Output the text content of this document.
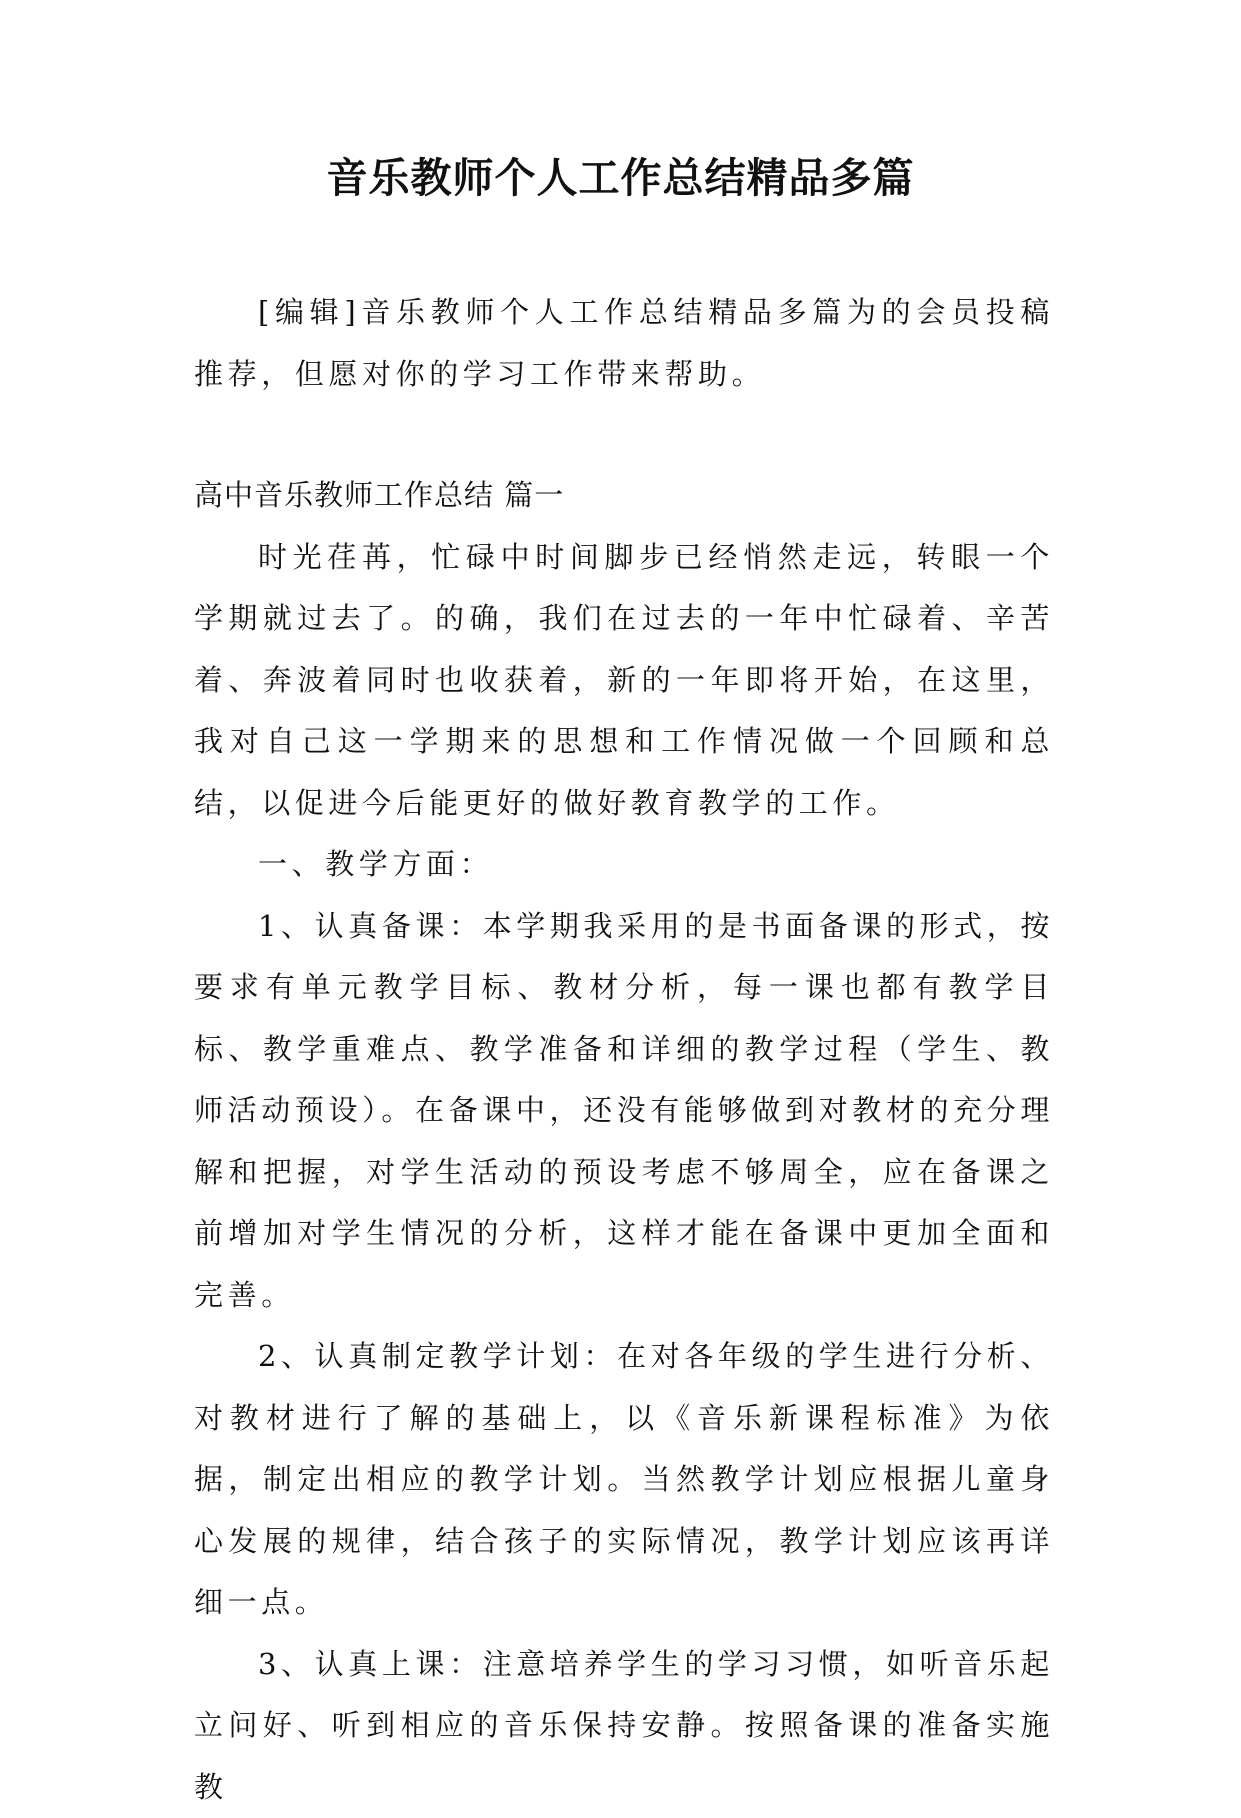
音乐教师个人工作总结精品多篇

[编辑]音乐教师个人工作总结精品多篇为的会员投稿推荐，但愿对你的学习工作带来帮助。

高中音乐教师工作总结 篇一

时光荏苒，忙碌中时间脚步已经悄然走远，转眼一个学期就过去了。的确，我们在过去的一年中忙碌着、辛苦着、奔波着同时也收获着，新的一年即将开始，在这里，我对自己这一学期来的思想和工作情况做一个回顾和总结，以促进今后能更好的做好教育教学的工作。

一、教学方面：

1、认真备课：本学期我采用的是书面备课的形式，按要求有单元教学目标、教材分析，每一课也都有教学目标、教学重难点、教学准备和详细的教学过程（学生、教师活动预设）。在备课中，还没有能够做到对教材的充分理解和把握，对学生活动的预设考虑不够周全，应在备课之前增加对学生情况的分析，这样才能在备课中更加全面和完善。

2、认真制定教学计划：在对各年级的学生进行分析、对教材进行了解的基础上，以《音乐新课程标准》为依据，制定出相应的教学计划。当然教学计划应根据儿童身心发展的规律，结合孩子的实际情况，教学计划应该再详细一点。

3、认真上课：注意培养学生的学习习惯，如听音乐起立问好、听到相应的音乐保持安静。按照备课的准备实施教
